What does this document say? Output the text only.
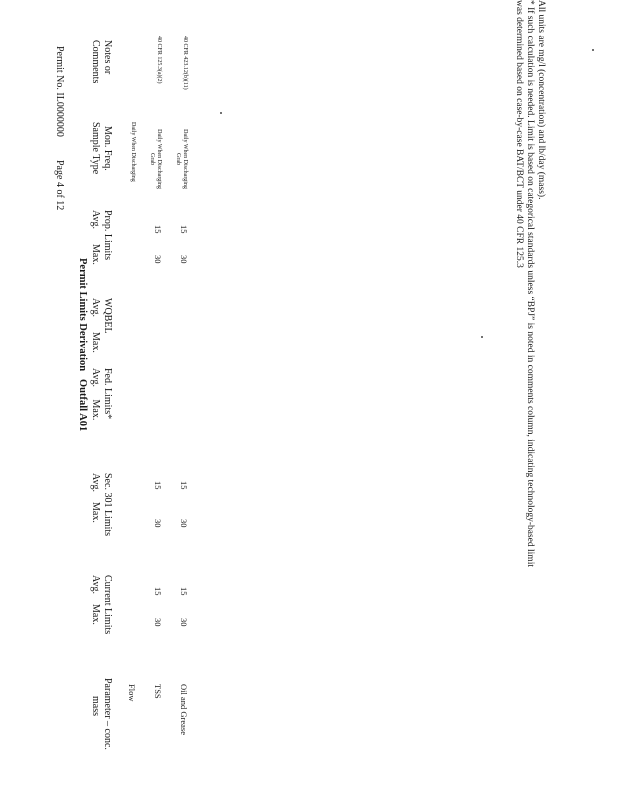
Permit No. IL0000000
Page 4 of 12
Permit Limits Derivation   Outfall A01
Parameter – conc.
mass
Current Limits
Avg.    Max.
Sec. 301 Limits
Avg.    Max.
Fed. Limits*
Avg.     Max.
WQBEL
Avg.      Max.
Prop. Limits
Avg.      Max.
Mon. Freq.
Sample Type
Notes or
Comments
Flow
Daily When Discharging
TSS
15
30
15
30
15
30
Daily When Discharging
Grab
40 CFR 125.3(a)(2)
Oil and Grease
15
30
15
30
15
30
Daily When Discharging
Grab
40 CFR 423.12(b)(11)	All units are mg/l (concentration) and lb/day (mass).
* If such calculation is needed. Limit is based on categorical standards unless “BPJ” is noted in comments column, indicating technology-based limit
was determined based on case-by-case BAT/BCT under 40 CFR 125.3
